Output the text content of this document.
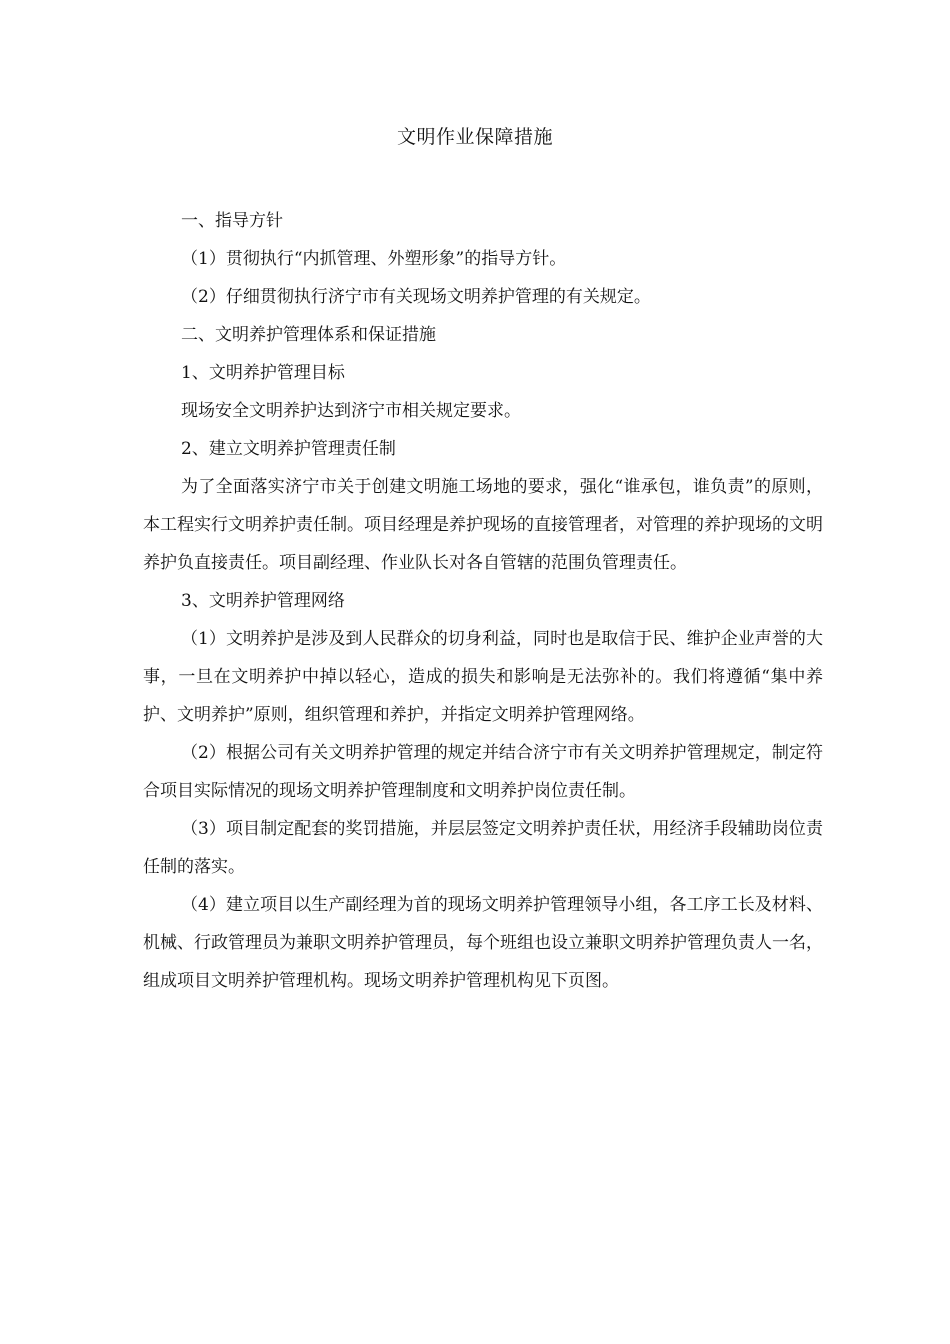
文明作业保障措施

一、指导方针

（1）贯彻执行“内抓管理、外塑形象”的指导方针。

（2）仔细贯彻执行济宁市有关现场文明养护管理的有关规定。

二、文明养护管理体系和保证措施

1、文明养护管理目标

现场安全文明养护达到济宁市相关规定要求。

2、建立文明养护管理责任制

为了全面落实济宁市关于创建文明施工场地的要求，强化“谁承包，谁负责”的原则，本工程实行文明养护责任制。项目经理是养护现场的直接管理者，对管理的养护现场的文明养护负直接责任。项目副经理、作业队长对各自管辖的范围负管理责任。

3、文明养护管理网络

（1）文明养护是涉及到人民群众的切身利益，同时也是取信于民、维护企业声誉的大事，一旦在文明养护中掉以轻心，造成的损失和影响是无法弥补的。我们将遵循“集中养护、文明养护”原则，组织管理和养护，并指定文明养护管理网络。

（2）根据公司有关文明养护管理的规定并结合济宁市有关文明养护管理规定，制定符合项目实际情况的现场文明养护管理制度和文明养护岗位责任制。

（3）项目制定配套的奖罚措施，并层层签定文明养护责任状，用经济手段辅助岗位责任制的落实。

（4）建立项目以生产副经理为首的现场文明养护管理领导小组，各工序工长及材料、机械、行政管理员为兼职文明养护管理员，每个班组也设立兼职文明养护管理负责人一名，组成项目文明养护管理机构。现场文明养护管理机构见下页图。
